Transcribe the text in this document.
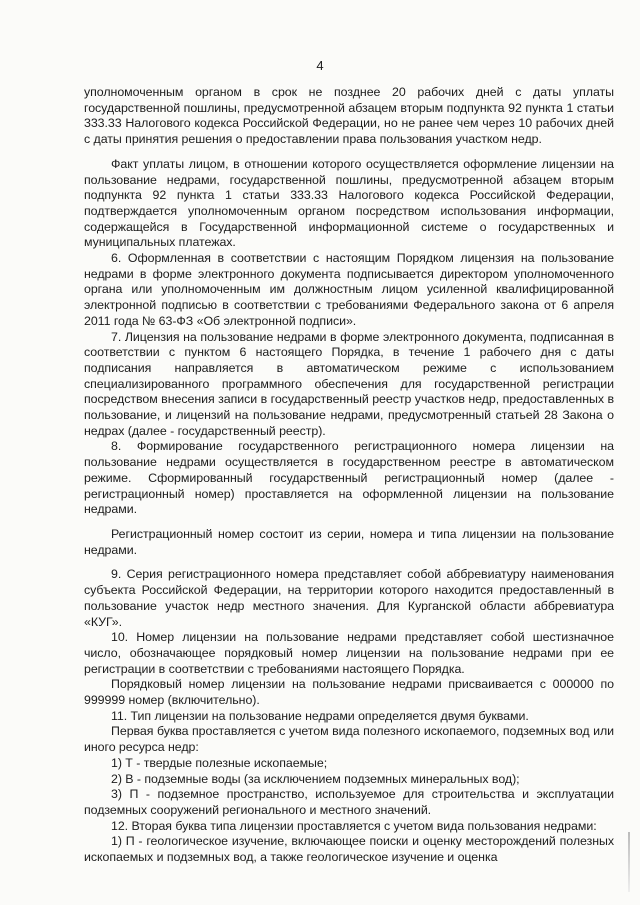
4

уполномоченным органом в срок не позднее 20 рабочих дней с даты уплаты государственной пошлины, предусмотренной абзацем вторым подпункта 92 пункта 1 статьи 333.33 Налогового кодекса Российской Федерации, но не ранее чем через 10 рабочих дней с даты принятия решения о предоставлении права пользования участком недр.

Факт уплаты лицом, в отношении которого осуществляется оформление лицензии на пользование недрами, государственной пошлины, предусмотренной абзацем вторым подпункта 92 пункта 1 статьи 333.33 Налогового кодекса Российской Федерации, подтверждается уполномоченным органом посредством использования информации, содержащейся в Государственной информационной системе о государственных и муниципальных платежах.

6. Оформленная в соответствии с настоящим Порядком лицензия на пользование недрами в форме электронного документа подписывается директором уполномоченного органа или уполномоченным им должностным лицом усиленной квалифицированной электронной подписью в соответствии с требованиями Федерального закона от 6 апреля 2011 года № 63-ФЗ «Об электронной подписи».

7. Лицензия на пользование недрами в форме электронного документа, подписанная в соответствии с пунктом 6 настоящего Порядка, в течение 1 рабочего дня с даты подписания направляется в автоматическом режиме с использованием специализированного программного обеспечения для государственной регистрации посредством внесения записи в государственный реестр участков недр, предоставленных в пользование, и лицензий на пользование недрами, предусмотренный статьей 28 Закона о недрах (далее - государственный реестр).

8. Формирование государственного регистрационного номера лицензии на пользование недрами осуществляется в государственном реестре в автоматическом режиме. Сформированный государственный регистрационный номер (далее - регистрационный номер) проставляется на оформленной лицензии на пользование недрами.

Регистрационный номер состоит из серии, номера и типа лицензии на пользование недрами.

9. Серия регистрационного номера представляет собой аббревиатуру наименования субъекта Российской Федерации, на территории которого находится предоставленный в пользование участок недр местного значения. Для Курганской области аббревиатура «КУГ».

10. Номер лицензии на пользование недрами представляет собой шестизначное число, обозначающее порядковый номер лицензии на пользование недрами при ее регистрации в соответствии с требованиями настоящего Порядка.

Порядковый номер лицензии на пользование недрами присваивается с 000000 по 999999 номер (включительно).

11. Тип лицензии на пользование недрами определяется двумя буквами.

Первая буква проставляется с учетом вида полезного ископаемого, подземных вод или иного ресурса недр:

1) Т - твердые полезные ископаемые;

2) В - подземные воды (за исключением подземных минеральных вод);

3) П - подземное пространство, используемое для строительства и эксплуатации подземных сооружений регионального и местного значений.

12. Вторая буква типа лицензии проставляется с учетом вида пользования недрами:

1) П - геологическое изучение, включающее поиски и оценку месторождений полезных ископаемых и подземных вод, а также геологическое изучение и оценка
